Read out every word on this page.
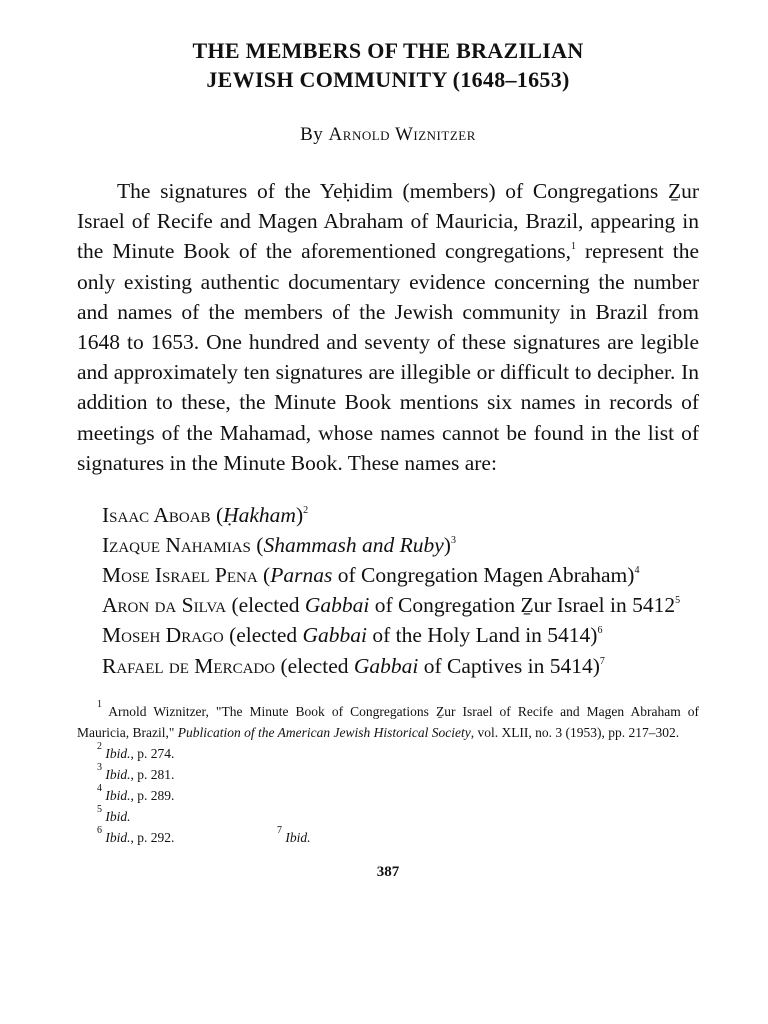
THE MEMBERS OF THE BRAZILIAN
JEWISH COMMUNITY (1648–1653)
By Arnold Wiznitzer

The signatures of the Yeḥidim (members) of Congregations Ẕur Israel of Recife and Magen Abraham of Mauricia, Brazil, appearing in the Minute Book of the aforementioned congregations,$^1$ represent the only existing authentic documentary evidence concerning the number and names of the members of the Jewish community in Brazil from 1648 to 1653. One hundred and seventy of these signatures are legible and approximately ten signatures are illegible or difficult to decipher. In addition to these, the Minute Book mentions six names in records of meetings of the Mahamad, whose names cannot be found in the list of signatures in the Minute Book. These names are:

Isaac Aboab (Ḥakham)$^2$
Izaque Nahamias (Shammash and Ruby)$^3$
Mose Israel Pena (Parnas of Congregation Magen Abraham)$^4$
Aron da Silva (elected Gabbai of Congregation Ẕur Israel in 5412$^5$
Moseh Drago (elected Gabbai of the Holy Land in 5414)$^6$
Rafael de Mercado (elected Gabbai of Captives in 5414)$^7$
$^1$ Arnold Wiznitzer, "The Minute Book of Congregations Ẕur Israel of Recife and Magen Abraham of Mauricia, Brazil," Publication of the American Jewish Historical Society, vol. XLII, no. 3 (1953), pp. 217–302.
$^2$ Ibid., p. 274.
$^3$ Ibid., p. 281.
$^4$ Ibid., p. 289.
$^5$ Ibid.
$^6$ Ibid., p. 292.	$^7$ Ibid.
387
